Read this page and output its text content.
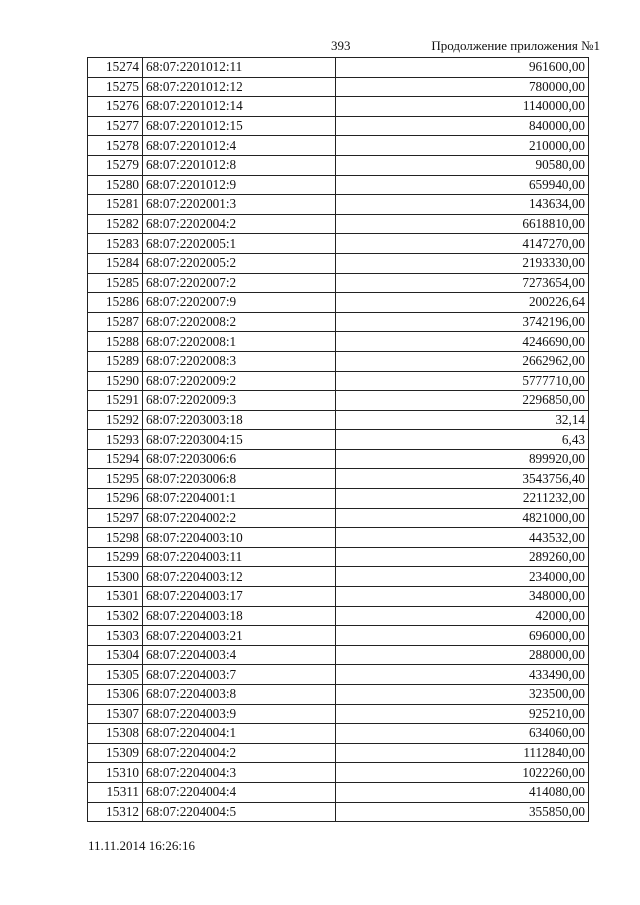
393	Продолжение приложения №1
15274	68:07:2201012:11	961600,00
15275	68:07:2201012:12	780000,00
15276	68:07:2201012:14	1140000,00
15277	68:07:2201012:15	840000,00
15278	68:07:2201012:4	210000,00
15279	68:07:2201012:8	90580,00
15280	68:07:2201012:9	659940,00
15281	68:07:2202001:3	143634,00
15282	68:07:2202004:2	6618810,00
15283	68:07:2202005:1	4147270,00
15284	68:07:2202005:2	2193330,00
15285	68:07:2202007:2	7273654,00
15286	68:07:2202007:9	200226,64
15287	68:07:2202008:2	3742196,00
15288	68:07:2202008:1	4246690,00
15289	68:07:2202008:3	2662962,00
15290	68:07:2202009:2	5777710,00
15291	68:07:2202009:3	2296850,00
15292	68:07:2203003:18	32,14
15293	68:07:2203004:15	6,43
15294	68:07:2203006:6	899920,00
15295	68:07:2203006:8	3543756,40
15296	68:07:2204001:1	2211232,00
15297	68:07:2204002:2	4821000,00
15298	68:07:2204003:10	443532,00
15299	68:07:2204003:11	289260,00
15300	68:07:2204003:12	234000,00
15301	68:07:2204003:17	348000,00
15302	68:07:2204003:18	42000,00
15303	68:07:2204003:21	696000,00
15304	68:07:2204003:4	288000,00
15305	68:07:2204003:7	433490,00
15306	68:07:2204003:8	323500,00
15307	68:07:2204003:9	925210,00
15308	68:07:2204004:1	634060,00
15309	68:07:2204004:2	1112840,00
15310	68:07:2204004:3	1022260,00
15311	68:07:2204004:4	414080,00
15312	68:07:2204004:5	355850,00
11.11.2014 16:26:16
